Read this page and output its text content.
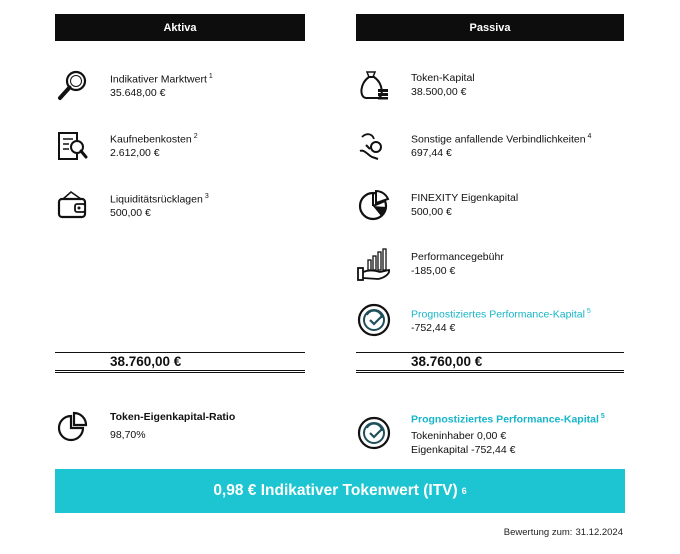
Aktiva
Indikativer Marktwert $^1$
35.648,00 €
Kaufnebenkosten $^2$
2.612,00 €
Liquiditätsrücklagen $^3$
500,00 €
38.760,00 €
Token-Eigenkapital-Ratio
98,70%
Passiva
Token-Kapital
38.500,00 €
Sonstige anfallende Verbindlichkeiten $^4$
697,44 €
FINEXITY Eigenkapital
500,00 €
Performancegebühr
-185,00 €
Prognostiziertes Performance-Kapital $^5$
-752,44 €
38.760,00 €
Prognostiziertes Performance-Kapital $^5$
Tokeninhaber 0,00 €
Eigenkapital -752,44 €
0,98 € Indikativer Tokenwert (ITV) 6
Bewertung zum: 31.12.2024
